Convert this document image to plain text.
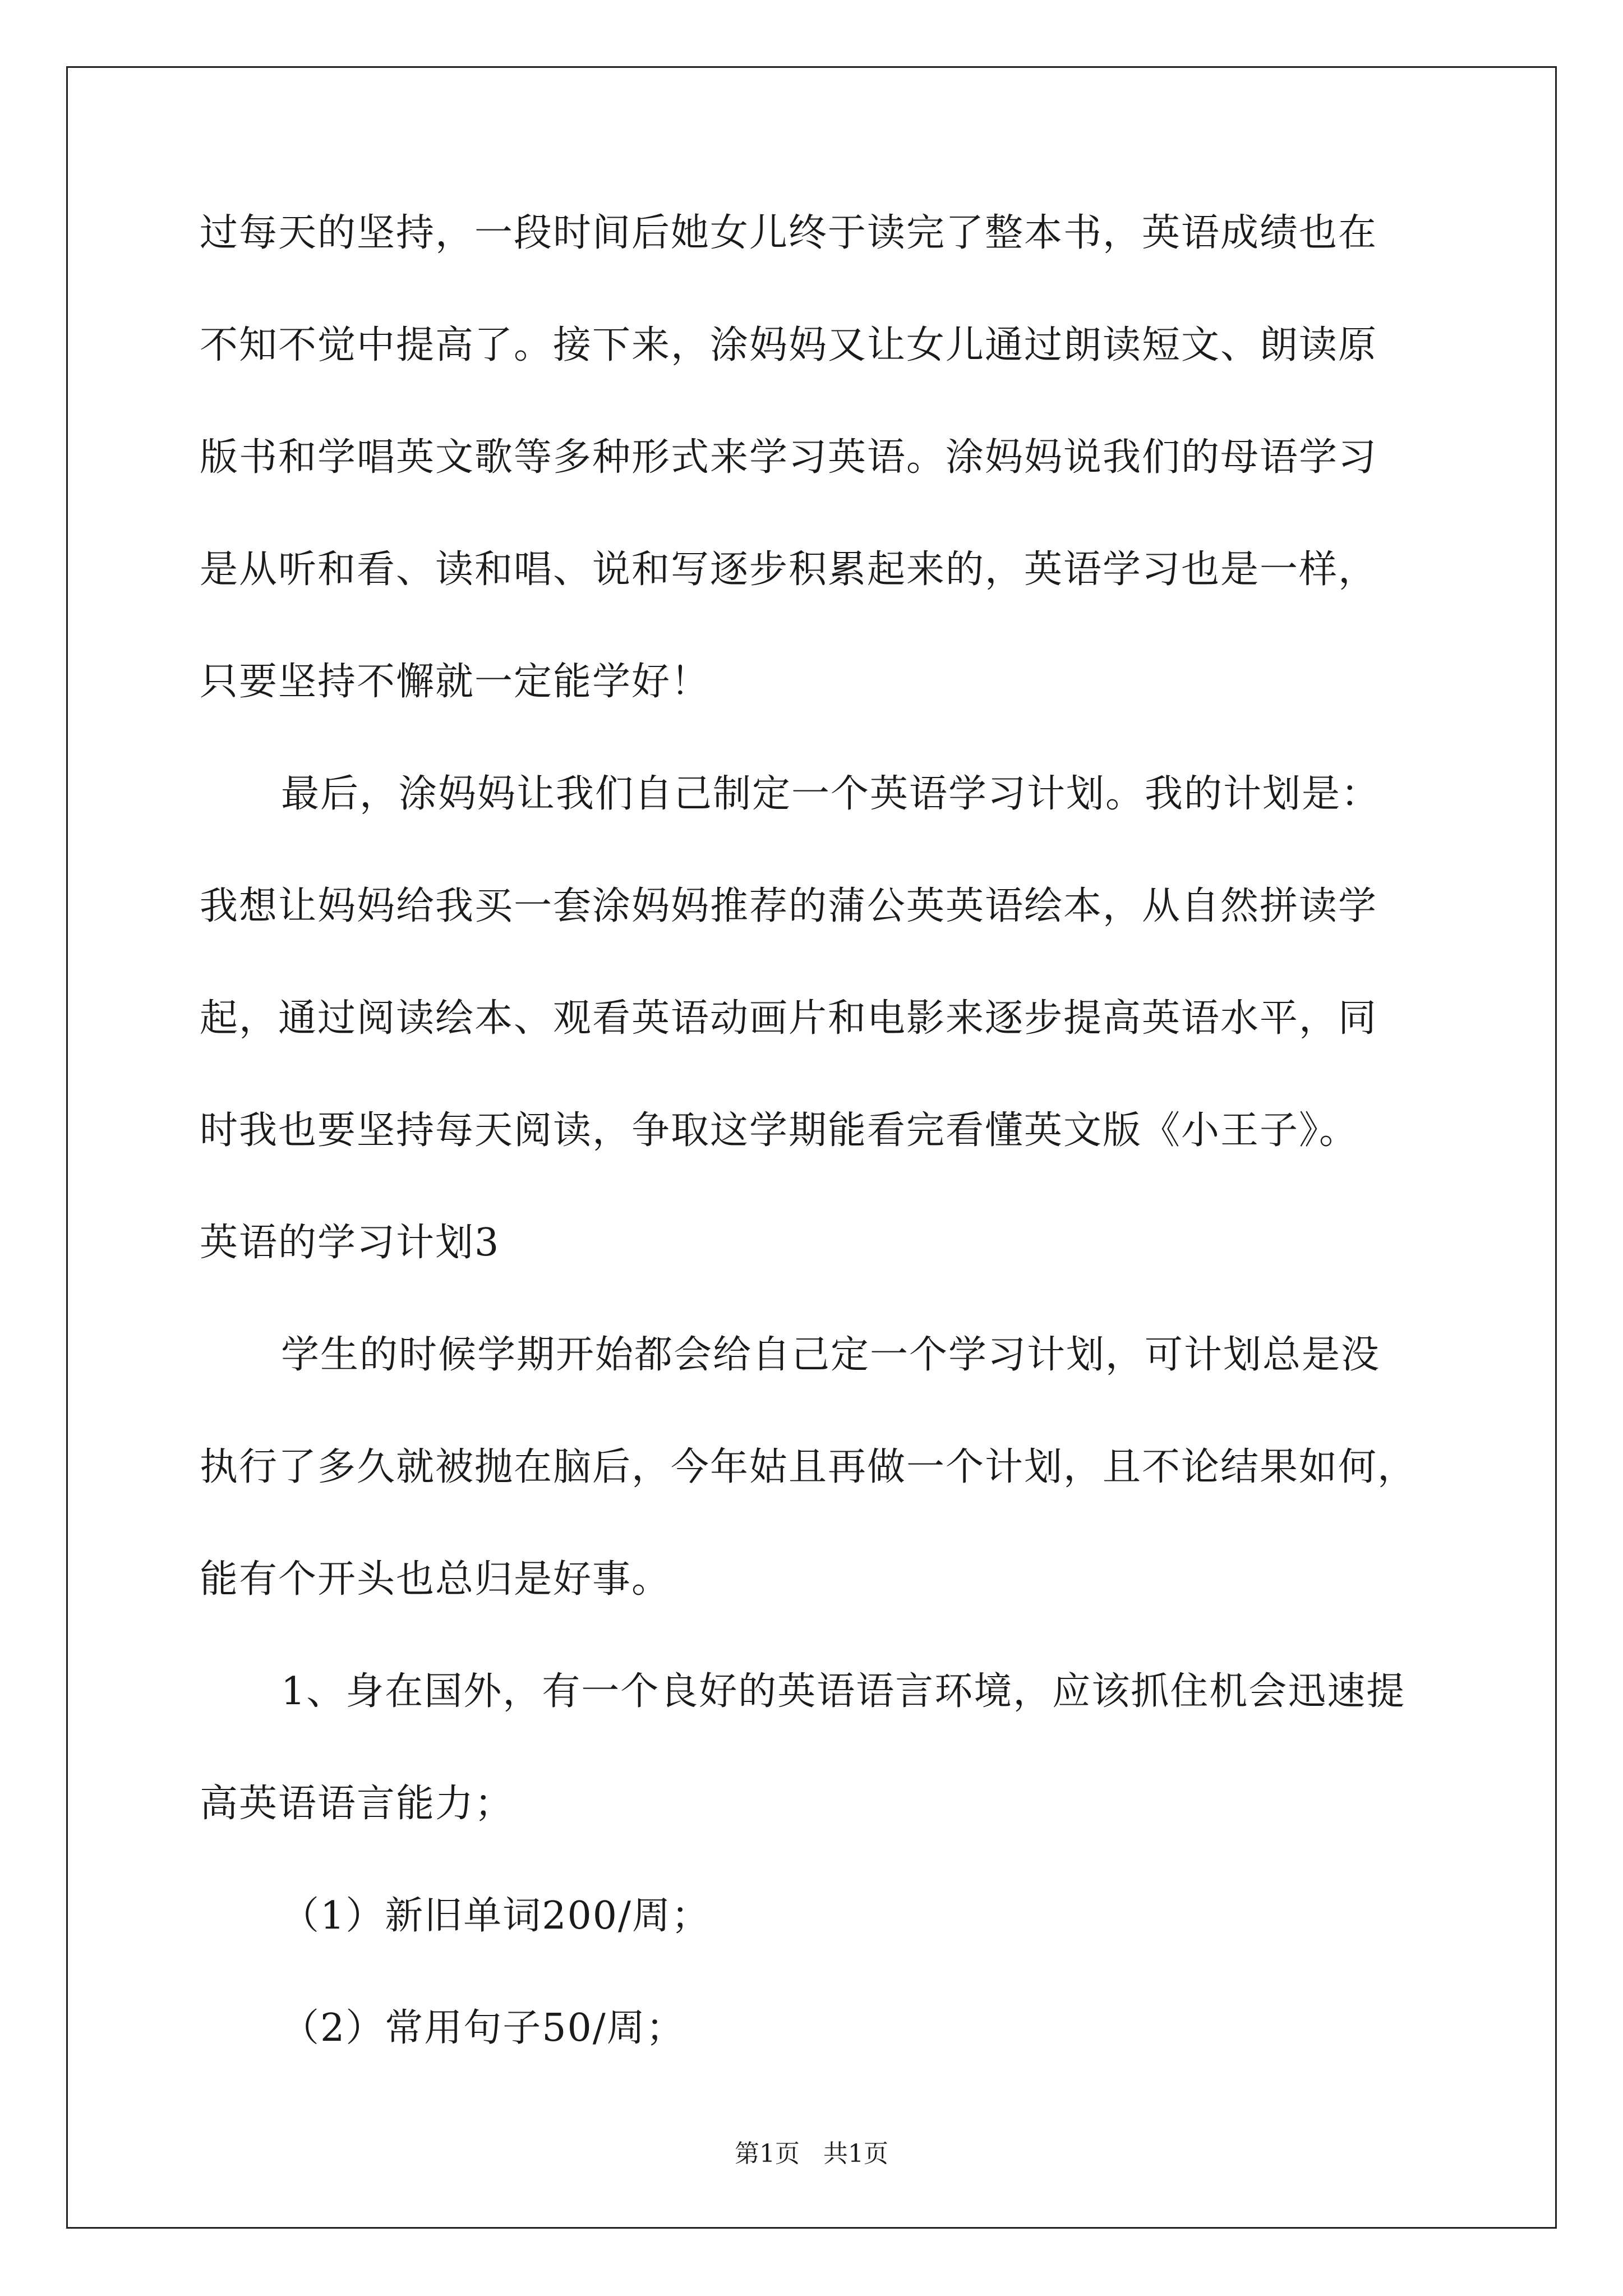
过每天的坚持，一段时间后她女儿终于读完了整本书，英语成绩也在
不知不觉中提高了。接下来，涂妈妈又让女儿通过朗读短文、朗读原
版书和学唱英文歌等多种形式来学习英语。涂妈妈说我们的母语学习
是从听和看、读和唱、说和写逐步积累起来的，英语学习也是一样，
只要坚持不懈就一定能学好！
最后，涂妈妈让我们自己制定一个英语学习计划。我的计划是：
我想让妈妈给我买一套涂妈妈推荐的蒲公英英语绘本，从自然拼读学
起，通过阅读绘本、观看英语动画片和电影来逐步提高英语水平，同
时我也要坚持每天阅读，争取这学期能看完看懂英文版《小王子》。
英语的学习计划3
学生的时候学期开始都会给自己定一个学习计划，可计划总是没
执行了多久就被抛在脑后，今年姑且再做一个计划，且不论结果如何，
能有个开头也总归是好事。
1、身在国外，有一个良好的英语语言环境，应该抓住机会迅速提
高英语语言能力；
（1）新旧单词200/周；
（2）常用句子50/周；
第1页   共1页
